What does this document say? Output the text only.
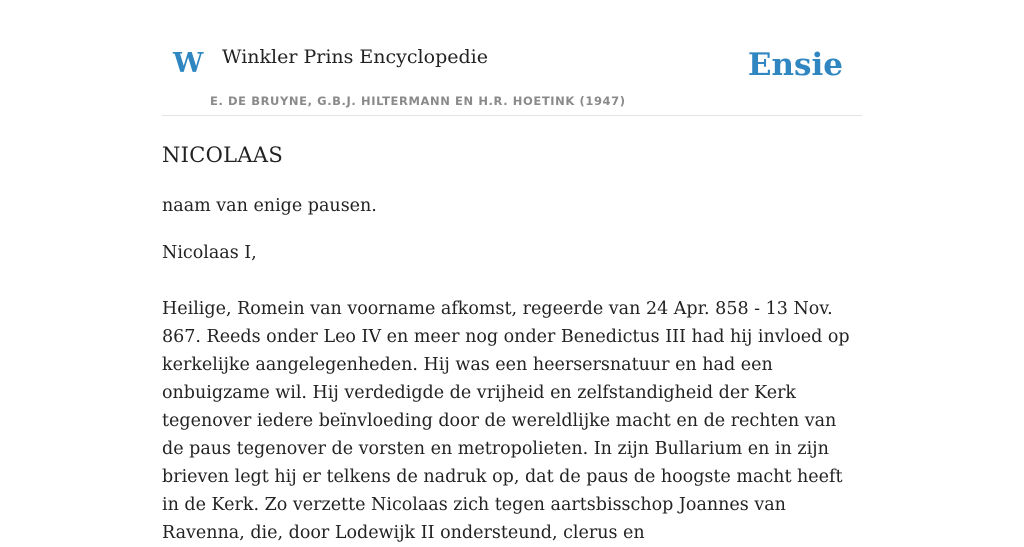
W Winkler Prins Encyclopedie
E. DE BRUYNE, G.B.J. HILTERMANN EN H.R. HOETINK (1947)
Ensie
NICOLAAS

naam van enige pausen.

Nicolaas I,

Heilige, Romein van voorname afkomst, regeerde van 24 Apr. 858 - 13 Nov. 867. Reeds onder Leo IV en meer nog onder Benedictus III had hij invloed op kerkelijke aangelegenheden. Hij was een heersersnatuur en had een onbuigzame wil. Hij verdedigde de vrijheid en zelfstandigheid der Kerk tegenover iedere beïnvloeding door de wereldlijke macht en de rechten van de paus tegenover de vorsten en metropolieten. In zijn Bullarium en in zijn brieven legt hij er telkens de nadruk op, dat de paus de hoogste macht heeft in de Kerk. Zo verzette Nicolaas zich tegen aartsbisschop Joannes van Ravenna, die, door Lodewijk II ondersteund, clerus en
